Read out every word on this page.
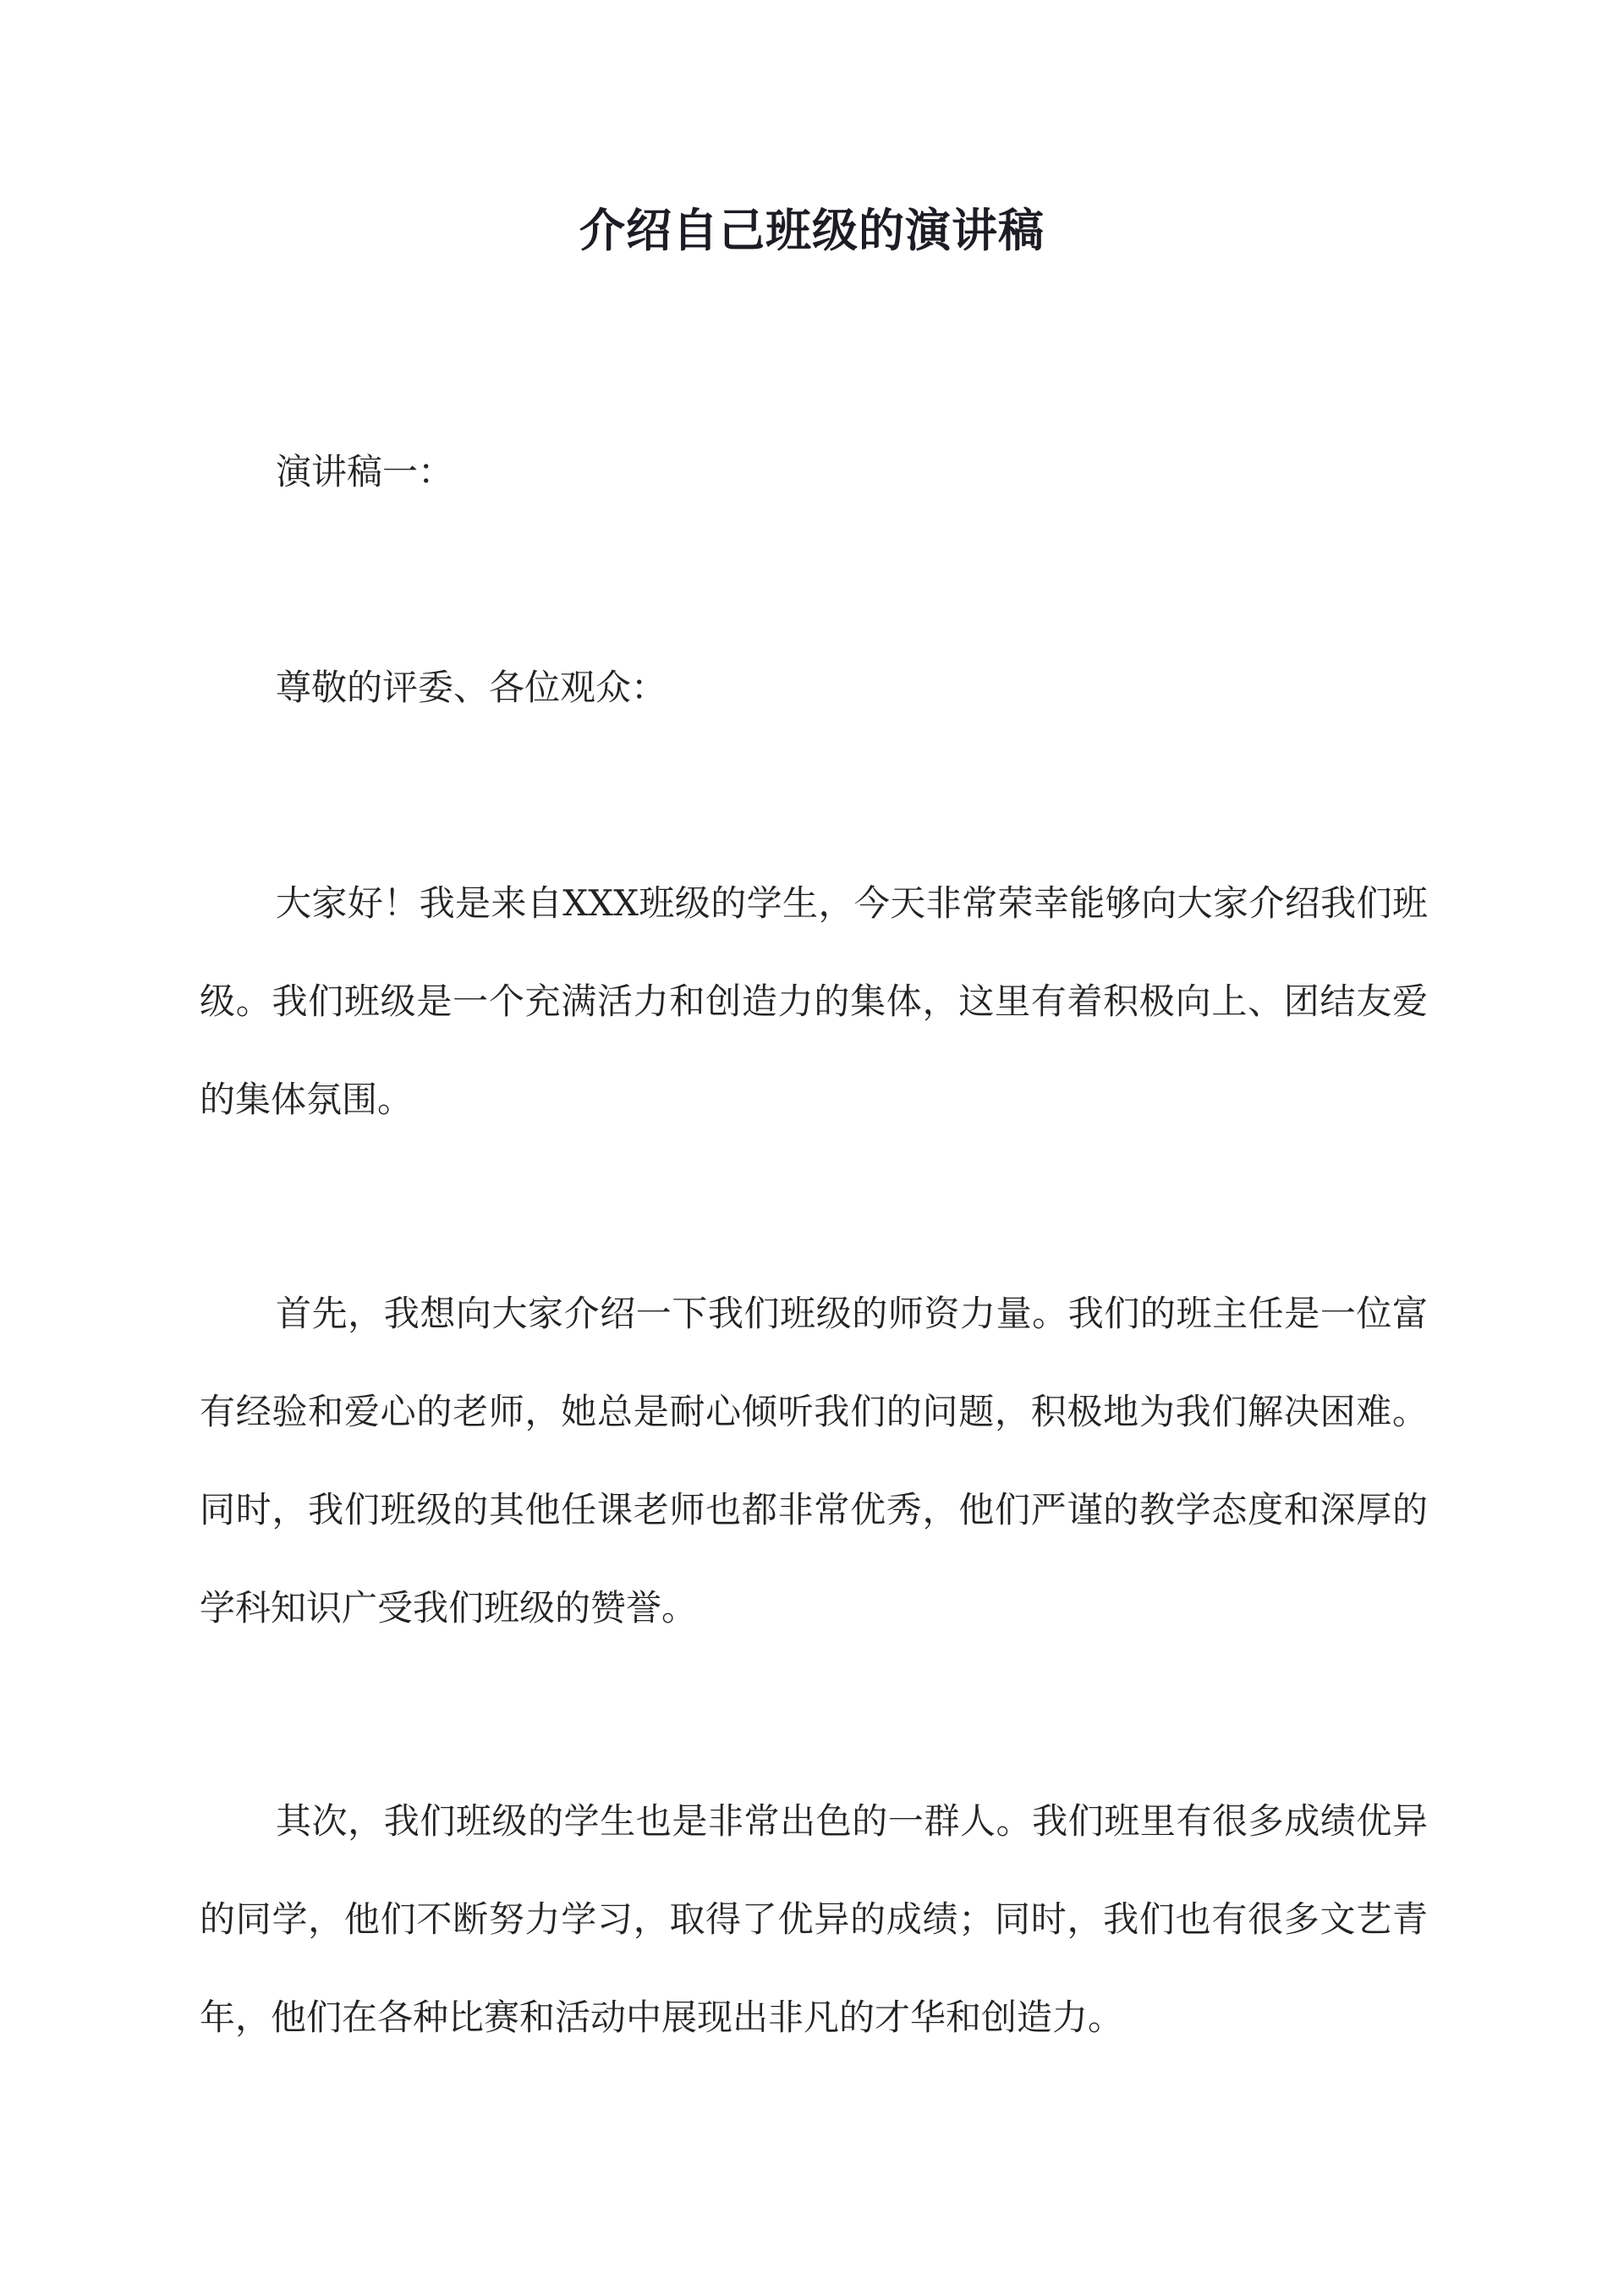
介绍自己班级的演讲稿

演讲稿一：

尊敬的评委、各位观众：

大家好！我是来自XXX班级的学生，今天非常荣幸能够向大家介绍我们班级。我们班级是一个充满活力和创造力的集体，这里有着积极向上、团结友爱的集体氛围。

首先，我想向大家介绍一下我们班级的师资力量。我们的班主任是一位富有经验和爱心的老师，她总是耐心倾听我们的问题，积极地为我们解决困难。同时，我们班级的其他任课老师也都非常优秀，他们严谨的教学态度和深厚的学科知识广受我们班级的赞誉。

其次，我们班级的学生也是非常出色的一群人。我们班里有很多成绩优异的同学，他们不断努力学习，取得了优异的成绩；同时，我们也有很多文艺青年，他们在各种比赛和活动中展现出非凡的才华和创造力。
